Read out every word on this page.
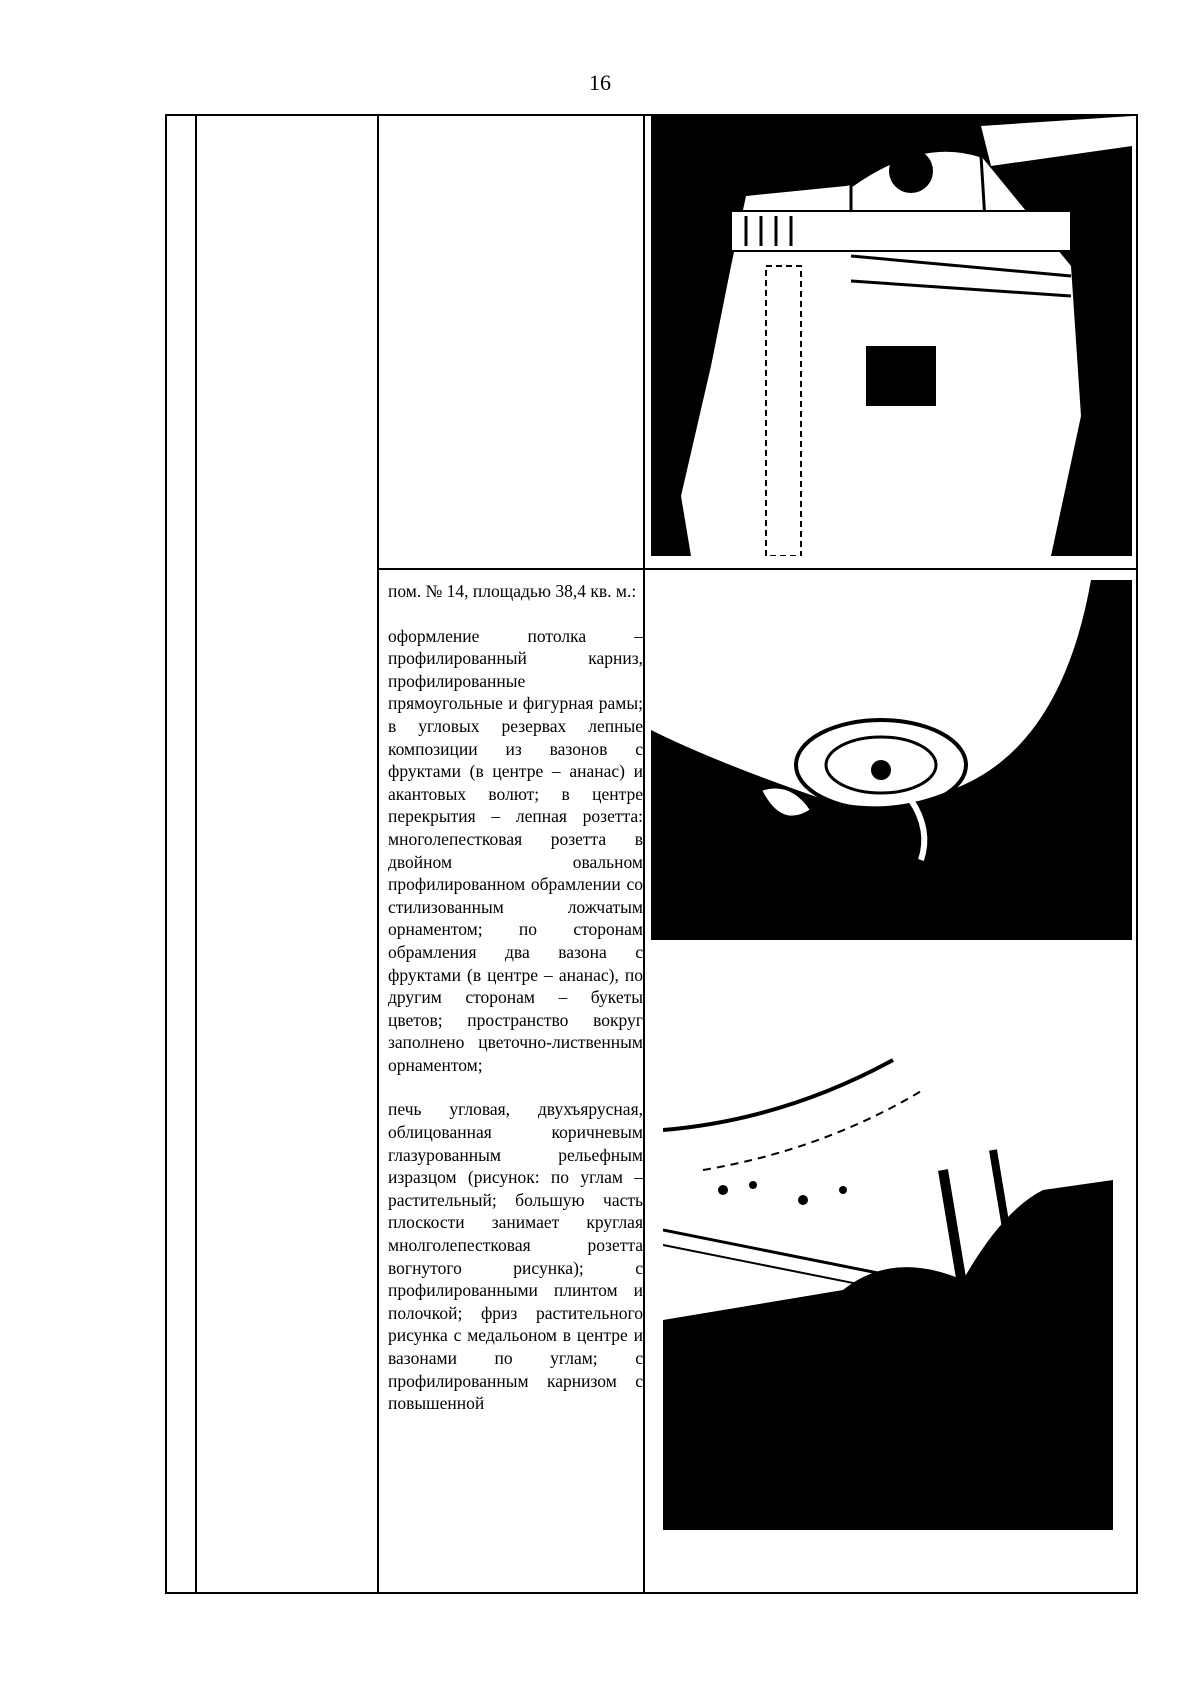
16

пом. № 14, площадью 38,4 кв. м.:

оформление потолка – профилированный карниз, профилированные прямоугольные и фигурная рамы; в угловых резервах лепные композиции из вазонов с фруктами (в центре – ананас) и акантовых волют; в центре перекрытия – лепная розетта: многолепестковая розетта в двойном овальном профилированном обрамлении со стилизованным ложчатым орнаментом; по сторонам обрамления два вазона с фруктами (в центре – ананас), по другим сторонам – букеты цветов; пространство вокруг заполнено цветочно-лиственным орнаментом;

печь угловая, двухъярусная, облицованная коричневым глазурованным рельефным изразцом (рисунок: по углам – растительный; большую часть плоскости занимает круглая мнолголепестковая розетта вогнутого рисунка); с профилированными плинтом и полочкой; фриз растительного рисунка с медальоном в центре и вазонами по углам; с профилированным карнизом с повышенной
